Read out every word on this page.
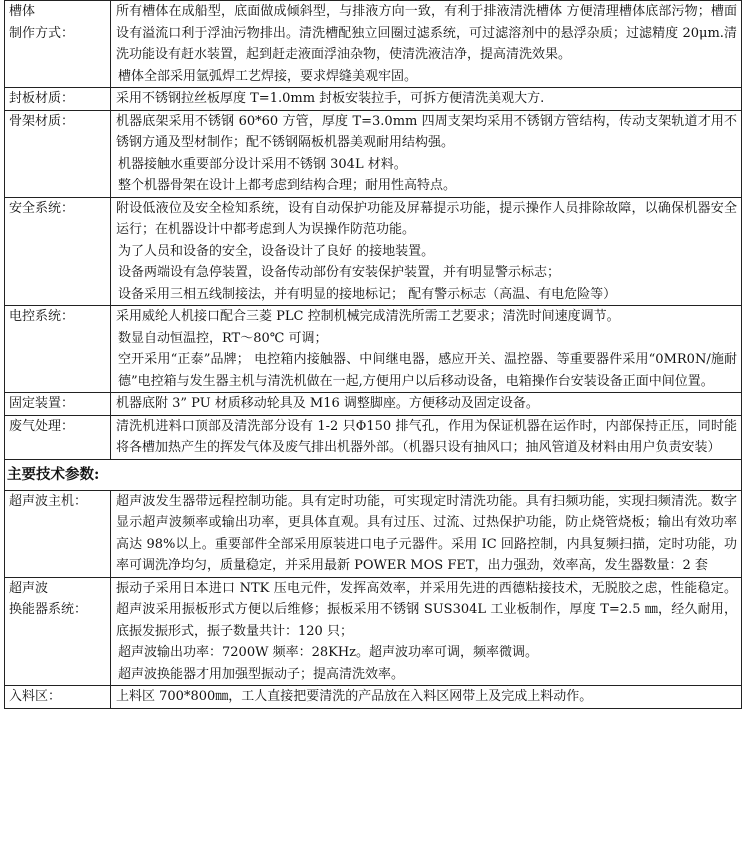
槽体
制作方式：	所有槽体在成船型，底面做成倾斜型，与排液方向一致，有利于排液清洗槽体 方便清理槽体底部污物；槽面设有溢流口利于浮油污物排出。清洗槽配独立回圈过滤系统，可过滤溶剂中的悬浮杂质；过滤精度 20μm.清洗功能设有赶水装置，起到赶走液面浮油杂物，使清洗液洁净，提高清洗效果。
槽体全部采用氩弧焊工艺焊接，要求焊缝美观牢固。

封板材质：	采用不锈钢拉丝板厚度 T=1.0mm 封板安装拉手，可拆方便清洗美观大方.

骨架材质：	机器底架采用不锈钢 60*60 方管，厚度 T=3.0mm 四周支架均采用不锈钢方管结构，传动支架轨道才用不锈钢方通及型材制作；配不锈钢隔板机器美观耐用结构强。
机器接触水重要部分设计采用不锈钢 304L 材料。
整个机器骨架在设计上都考虑到结构合理；耐用性高特点。

安全系统：	附设低液位及安全检知系统，设有自动保护功能及屏幕提示功能，提示操作人员排除故障，以确保机器安全运行；在机器设计中都考虑到人为误操作防范功能。
为了人员和设备的安全，设备设计了良好 的接地装置。
设备两端设有急停装置，设备传动部份有安装保护装置，并有明显警示标志；
设备采用三相五线制接法，并有明显的接地标记； 配有警示标志（高温、有电危险等）

电控系统：	采用威纶人机接口配合三菱 PLC 控制机械完成清洗所需工艺要求；清洗时间速度调节。
数显自动恒温控，RT～80℃ 可调；
空开采用“正泰”品牌； 电控箱内接触器、中间继电器，感应开关、温控器、等重要器件采用“0MR0N/施耐德”电控箱与发生器主机与清洗机做在一起,方便用户以后移动设备，电箱操作台安装设备正面中间位置。

固定装置：	机器底附 3” PU 材质移动轮具及 M16 调整脚座。方便移动及固定设备。

废气处理：	清洗机进料口顶部及清洗部分设有 1-2 只Φ150 排气孔，作用为保证机器在运作时，内部保持正压，同时能将各槽加热产生的挥发气体及废气排出机器外部。（机器只设有抽风口；抽风管道及材料由用户负责安装）

主要技术参数:	
超声波主机：	超声波发生器带远程控制功能。具有定时功能，可实现定时清洗功能。具有扫频功能，实现扫频清洗。数字显示超声波频率或输出功率，更具体直观。具有过压、过流、过热保护功能，防止烧管烧板；输出有效功率高达 98%以上。重要部件全部采用原装进口电子元器件。采用 IC 回路控制，内具复频扫描，定时功能，功率可调洗净均匀，质量稳定，并采用最新 POWER MOS FET，出力强劲，效率高，发生器数量：2 套

超声波
换能器系统：	振动子采用日本进口 NTK 压电元件，发挥高效率，并采用先进的西德粘接技术，无脱胶之虑，性能稳定。超声波采用振板形式方便以后维修；振板采用不锈钢 SUS304L 工业板制作，厚度 T=2.5 ㎜，经久耐用，底振发振形式，振子数量共计：120 只；
超声波输出功率：7200W 频率：28KHz。超声波功率可调，频率微调。
超声波换能器才用加强型振动子；提高清洗效率。

入料区：	上料区 700*800㎜，工人直接把要清洗的产品放在入料区网带上及完成上料动作。
